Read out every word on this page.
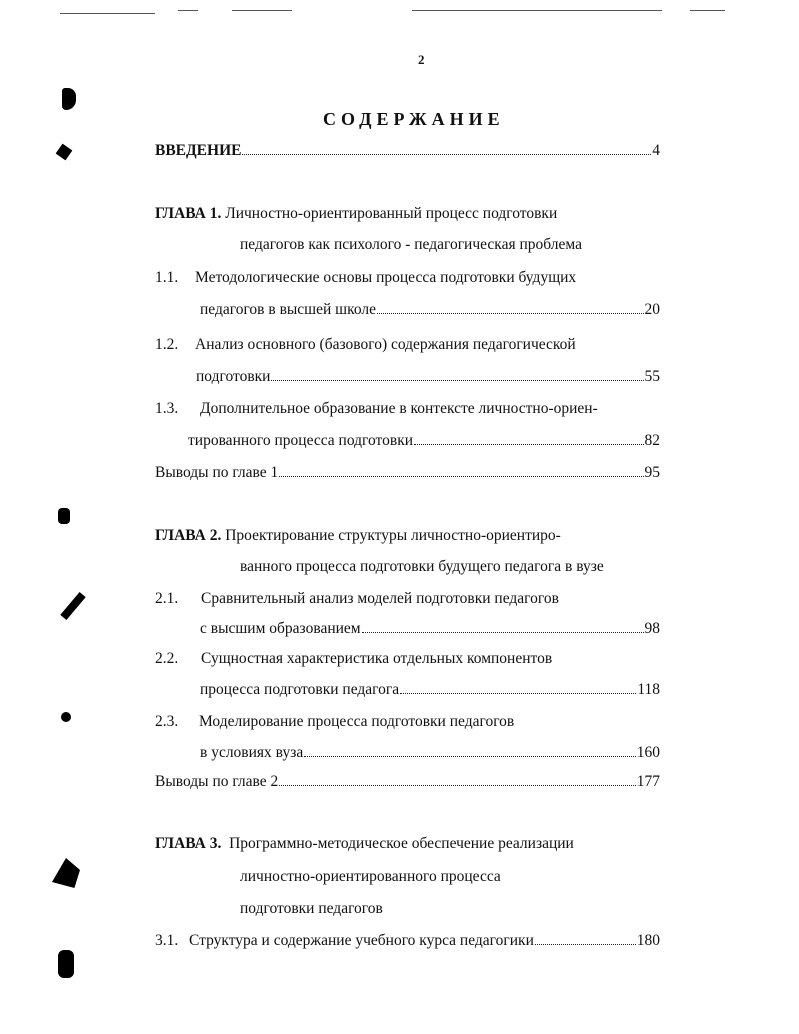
2
СОДЕРЖАНИЕ
ВВЕДЕНИЕ	4
ГЛАВА 1.
Личностно-ориентированный процесс подготовки
педагогов как психолого - педагогическая проблема
1.1.	Методологические основы процесса подготовки будущих
педагогов в высшей школе	20
1.2.	Анализ основного (базового) содержания педагогической
подготовки	55
1.3.	Дополнительное образование в контексте личностно-ориен-
тированного процесса подготовки	82
Выводы по главе 1	95
ГЛАВА 2.
Проектирование структуры личностно-ориентиро-
ванного процесса подготовки будущего педагога в вузе
2.1.	Сравнительный анализ моделей подготовки педагогов
с высшим образованием	98
2.2.	Сущностная характеристика отдельных компонентов
процесса подготовки педагога	118
2.3.	Моделирование процесса подготовки педагогов
в условиях вуза	160
Выводы по главе 2	177
ГЛАВА 3.
Программно-методическое обеспечение реализации
личностно-ориентированного процесса
подготовки педагогов
3.1. Структура и содержание учебного курса педагогики	180
